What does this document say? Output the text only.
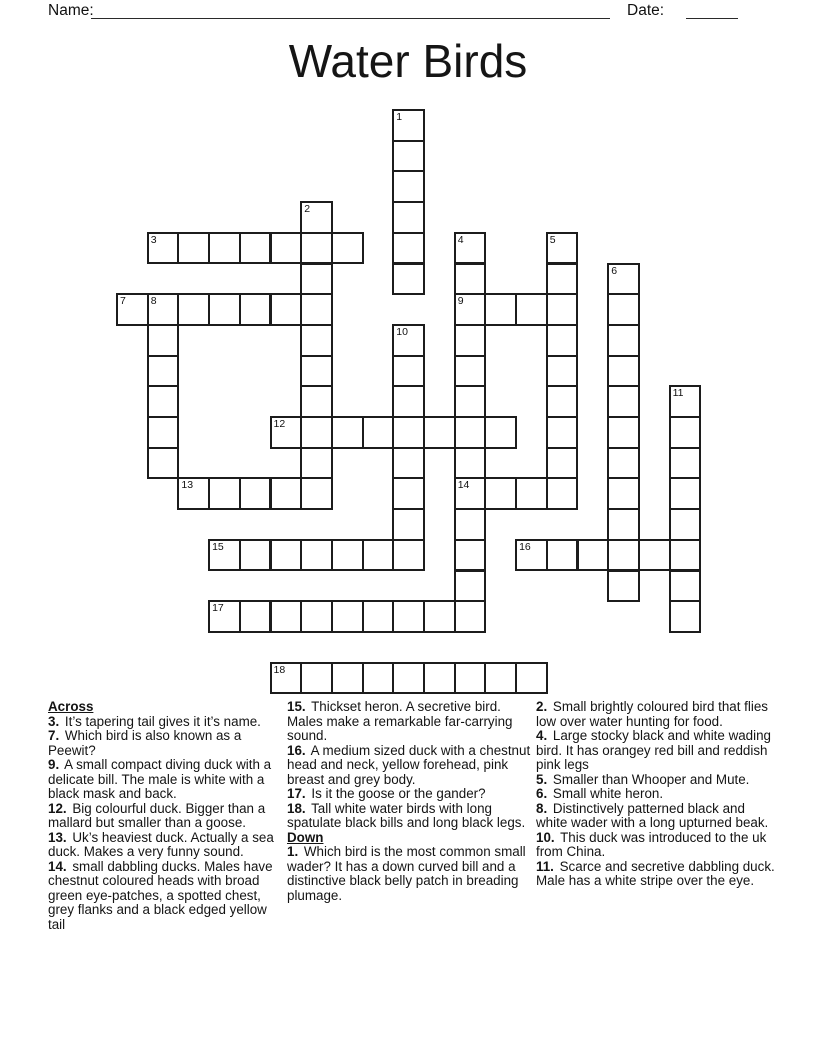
Name:	Date:
Water Birds
1
2
3	4
9
14
5
6
7 8
10
11
12
13
15	16
17
18

Across

3. It’s tapering tail gives it it’s name.

7. Which bird is also known as a Peewit?

9. A small compact diving duck with a delicate bill. The male is white with a black mask and back.

12. Big colourful duck. Bigger than a mallard but smaller than a goose.

13. Uk’s heaviest duck. Actually a sea duck. Makes a very funny sound.

14. small dabbling ducks. Males have chestnut coloured heads with broad green eye-patches, a spotted chest, grey flanks and a black edged yellow tail

15. Thickset heron. A secretive bird. Males make a remarkable far-carrying sound.

16. A medium sized duck with a chestnut head and neck, yellow forehead, pink breast and grey body.

17. Is it the goose or the gander?

18. Tall white water birds with long spatulate black bills and long black legs.

Down

1. Which bird is the most common small wader? It has a down curved bill and a distinctive black belly patch in breading plumage.

2. Small brightly coloured bird that flies low over water hunting for food.

4. Large stocky black and white wading bird. It has orangey red bill and reddish pink legs

5. Smaller than Whooper and Mute.

6. Small white heron.

8. Distinctively patterned black and white wader with a long upturned beak.

10. This duck was introduced to the uk from China.

11. Scarce and secretive dabbling duck. Male has a white stripe over the eye.
